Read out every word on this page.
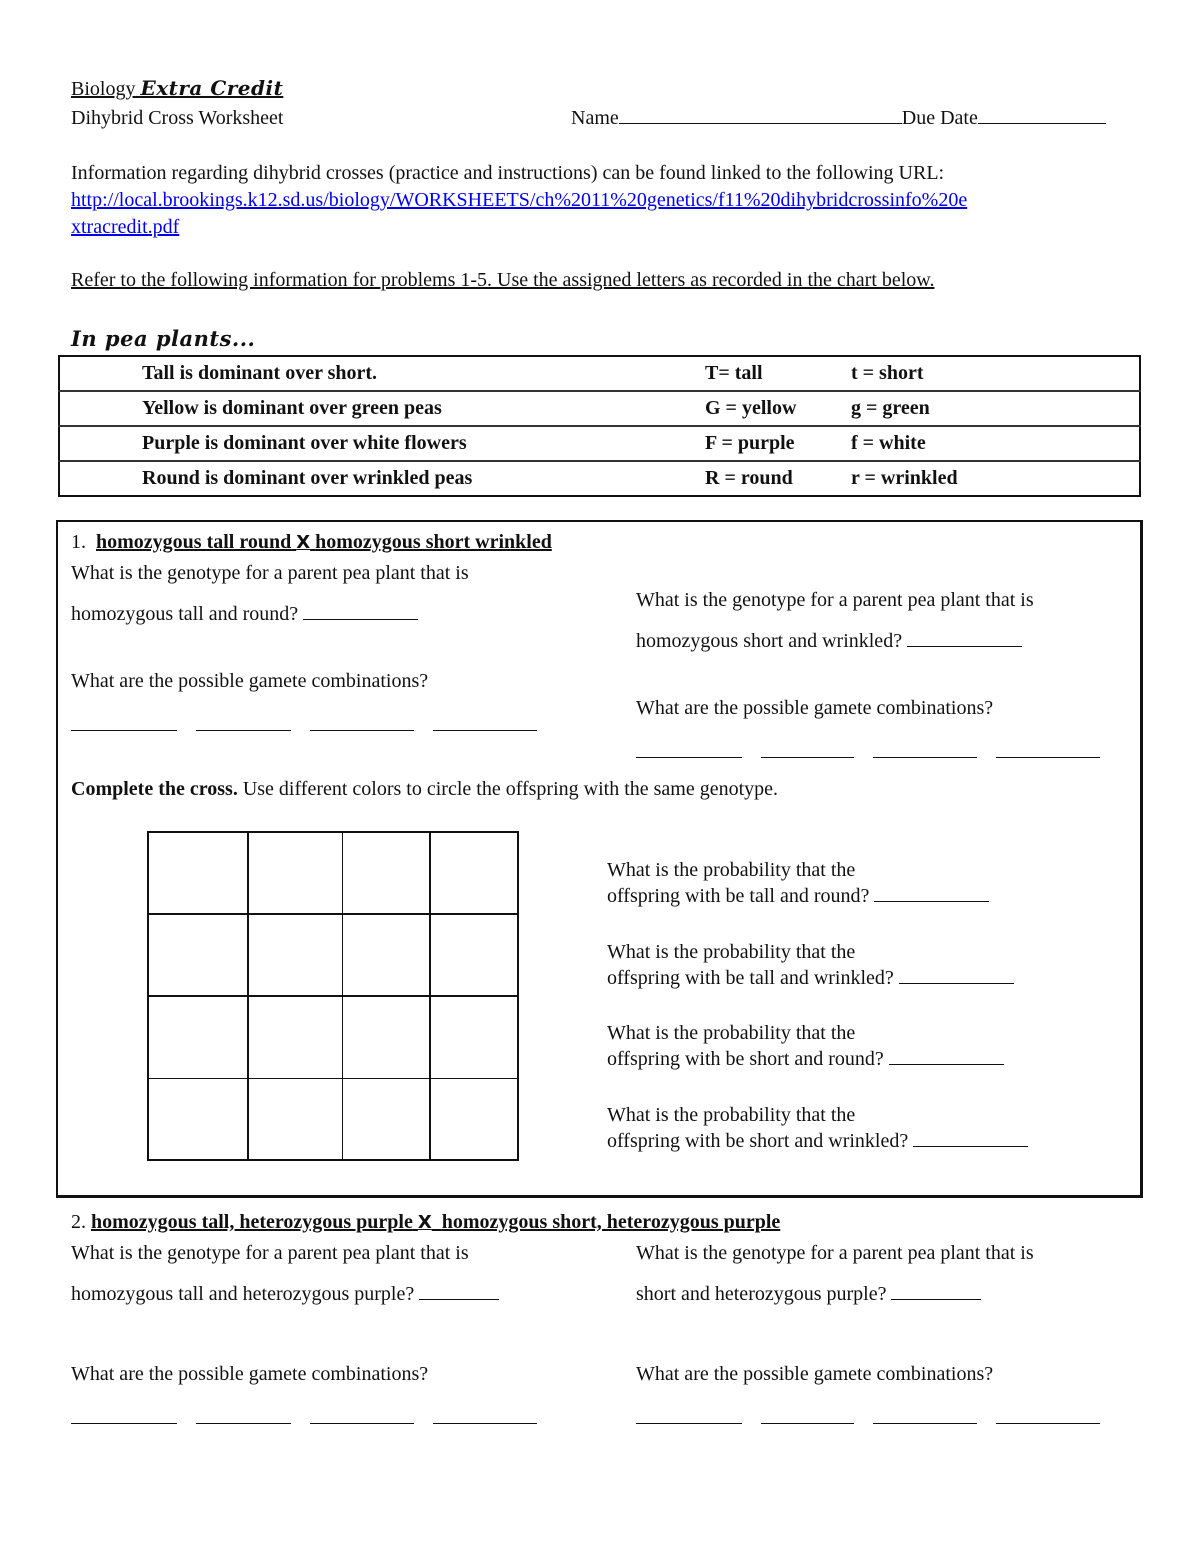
Biology Extra Credit
Dihybrid Cross Worksheet	Name	Due Date
Information regarding dihybrid crosses (practice and instructions) can be found linked to the following URL:
http://local.brookings.k12.sd.us/biology/WORKSHEETS/ch%2011%20genetics/f11%20dihybridcrossinfo%20e
xtracredit.pdf
Refer to the following information for problems 1-5. Use the assigned letters as recorded in the chart below.
In pea plants...
Tall is dominant over short.	T= tall	t = short
Yellow is dominant over green peas	G = yellow	g = green
Purple is dominant over white flowers	F = purple	f = white
Round is dominant over wrinkled peas	R = round	r = wrinkled
1. homozygous tall round X homozygous short wrinkled
What is the genotype for a parent pea plant that is
homozygous tall and round?
What are the possible gamete combinations?

What is the genotype for a parent pea plant that is
homozygous short and wrinkled?
What are the possible gamete combinations?

Complete the cross. Use different colors to circle the offspring with the same genotype.
What is the probability that the
offspring with be tall and round?
What is the probability that the
offspring with be tall and wrinkled?
What is the probability that the
offspring with be short and round?
What is the probability that the
offspring with be short and wrinkled?
2. homozygous tall, heterozygous purple X homozygous short, heterozygous purple
What is the genotype for a parent pea plant that is
homozygous tall and heterozygous purple?
What are the possible gamete combinations?

What is the genotype for a parent pea plant that is
short and heterozygous purple?
What are the possible gamete combinations?
